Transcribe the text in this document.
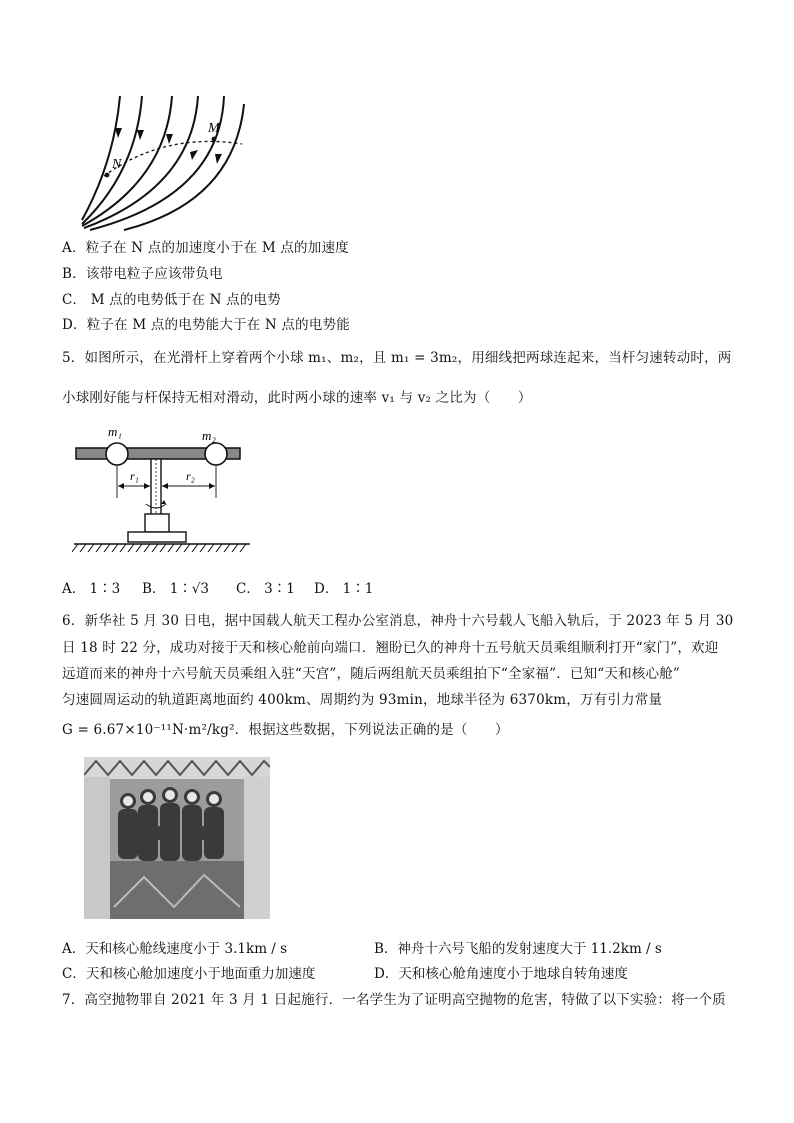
N
M
A．粒子在 N 点的加速度小于在 M 点的加速度
B．该带电粒子应该带负电
C． M 点的电势低于在 N 点的电势
D．粒子在 M 点的电势能大于在 N 点的电势能
5．如图所示，在光滑杆上穿着两个小球 m₁、m₂，且 m₁ = 3m₂，用细线把两球连起来，当杆匀速转动时，两
小球刚好能与杆保持无相对滑动，此时两小球的速率 v₁ 与 v₂ 之比为（　　）
m₁	m₂
r₁	r₂
A． 1∶3 B． 1∶√3 C． 3∶1 D． 1∶1
6．新华社 5 月 30 日电，据中国载人航天工程办公室消息，神舟十六号载人飞船入轨后，于 2023 年 5 月 30
日 18 时 22 分，成功对接于天和核心舱前向端口．翘盼已久的神舟十五号航天员乘组顺利打开“家门”，欢迎
远道而来的神舟十六号航天员乘组入驻“天宫”，随后两组航天员乘组拍下“全家福”．已知“天和核心舱”
匀速圆周运动的轨道距离地面约 400km、周期约为 93min，地球半径为 6370km，万有引力常量
G = 6.67×10⁻¹¹N·m²/kg²．根据这些数据，下列说法正确的是（　　）
A．天和核心舱线速度小于 3.1km / s	B．神舟十六号飞船的发射速度大于 11.2km / s
C．天和核心舱加速度小于地面重力加速度	D．天和核心舱角速度小于地球自转角速度
7．高空抛物罪自 2021 年 3 月 1 日起施行．一名学生为了证明高空抛物的危害，特做了以下实验：将一个质
